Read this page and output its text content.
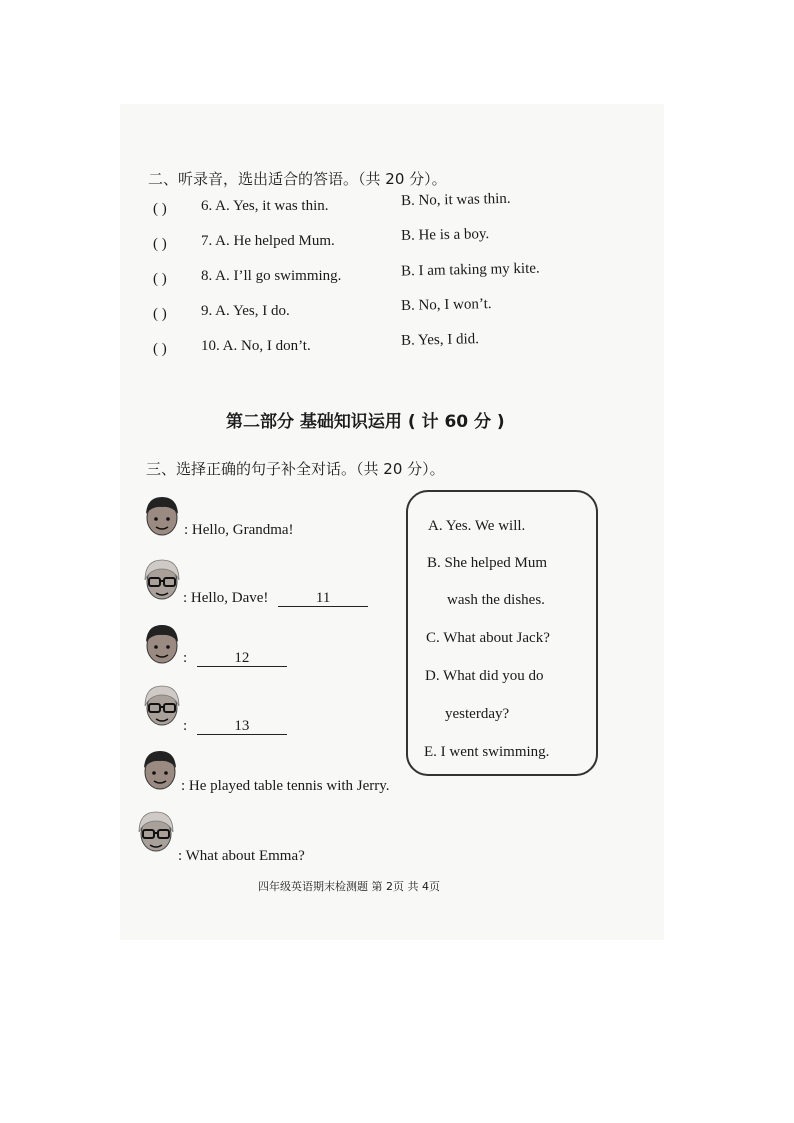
二、听录音，选出适合的答语。（共 20 分）。
( ) 6. A. Yes, it was thin.	B. No, it was thin.
( ) 7. A. He helped Mum.	B. He is a boy.
( ) 8. A. I’ll go swimming.	B. I am taking my kite.
( ) 9. A. Yes, I do.	B. No, I won’t.
( ) 10. A. No, I don’t.	B. Yes, I did.
第二部分 基础知识运用 ( 计 60 分 )
三、选择正确的句子补全对话。（共 20 分）。
: Hello, Grandma!
: Hello, Dave!	11
:	12
:	13
: He played table tennis with Jerry.
: What about Emma?
A. Yes. We will.
B. She helped Mum
wash the dishes.
C. What about Jack?
D. What did you do
yesterday?
E. I went swimming.
四年级英语期末检测题 第 2页 共 4页
